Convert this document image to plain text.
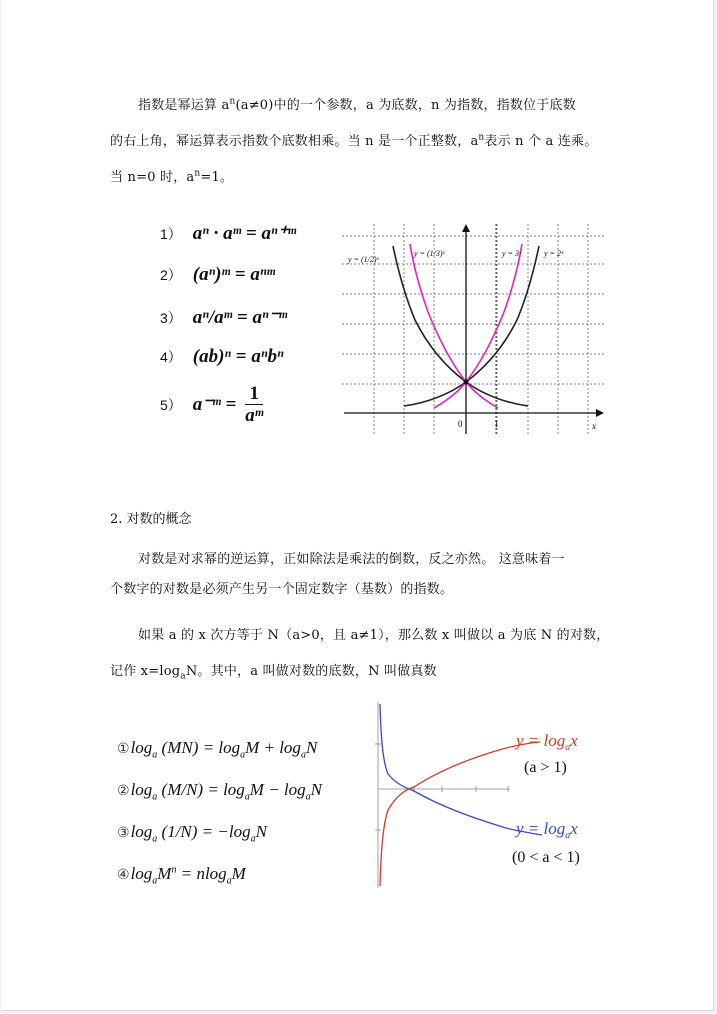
指数是幂运算 $a^n(a\ne 0)$中的一个参数，a 为底数，n 为指数，指数位于底数
的右上角，幂运算表示指数个底数相乘。当 n 是一个正整数，$a^n$表示 n 个 a 连乘。
当 n=0 时，$a^n=1$。
1） aⁿ · aᵐ = aⁿ⁺ᵐ
2） (aⁿ)ᵐ = aⁿᵐ
3） aⁿ/aᵐ = aⁿ⁻ᵐ
4） (ab)ⁿ = aⁿbⁿ
5） a⁻ᵐ = $\frac{1}{\text{aᵐ}}$
y = (1/2)ˣ
y = (1/3)ˣ	y = 3ˣ	y = 2ˣ
0	1	x
2. 对数的概念
对数是对求幂的逆运算，正如除法是乘法的倒数，反之亦然。 这意味着一
个数字的对数是必须产生另一个固定数字（基数）的指数。
如果 a 的 x 次方等于 N（a>0，且 a≠1），那么数 x 叫做以 a 为底 N 的对数，
记作 $x=\log_aN$。其中，a 叫做对数的底数，N 叫做真数
$①\log_a$ $(MN) = \log_aM + \log_aN$
$②\log_a$ $(M/N) = \log_aM - \log_aN$
$③\log_a$ $(1/N) = -\log_aN$
$④\log_aM^n = nlog_aM$
$y = \log_ax$
(a > 1)
$y = \log_ax$
(0 < a < 1)
